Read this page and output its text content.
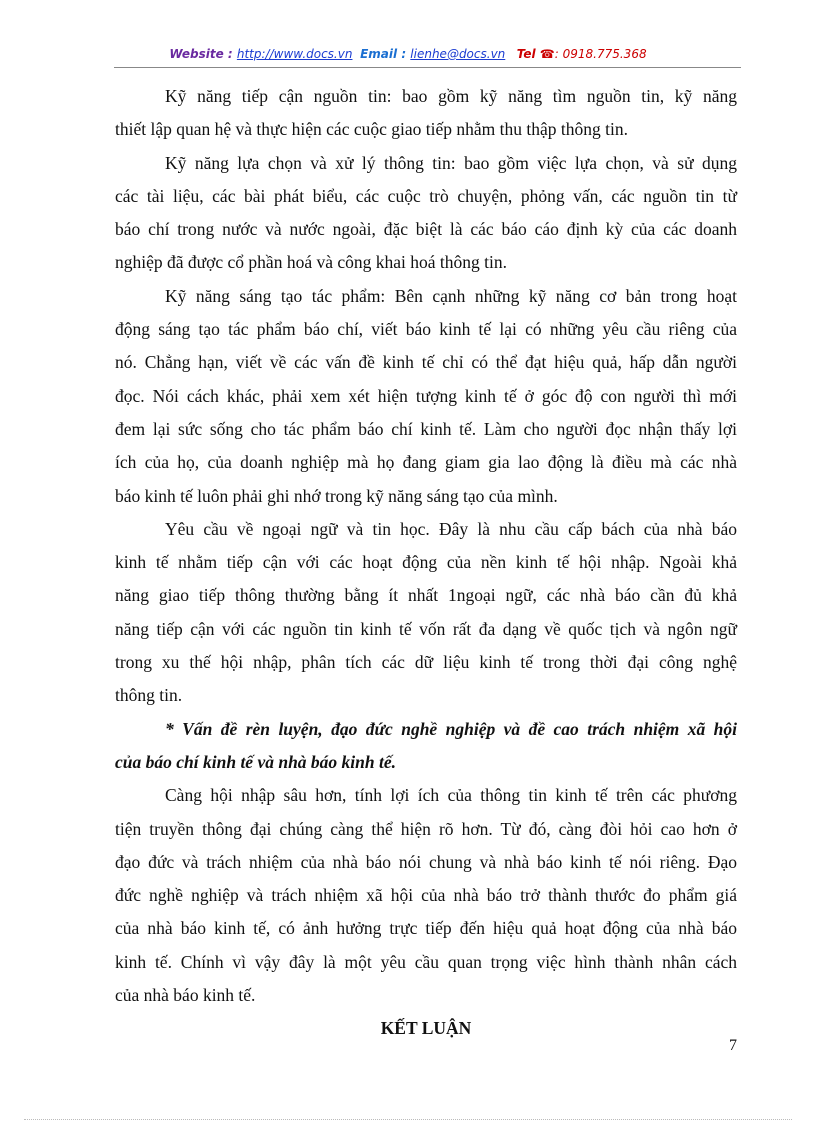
Website : http://www.docs.vn Email : lienhe@docs.vn Tel ☎: 0918.775.368
Kỹ năng tiếp cận nguồn tin: bao gồm kỹ năng tìm nguồn tin, kỹ năng
thiết lập quan hệ và thực hiện các cuộc giao tiếp nhằm thu thập thông tin.
Kỹ năng lựa chọn và xử lý thông tin: bao gồm việc lựa chọn, và sử dụng
các tài liệu, các bài phát biểu, các cuộc trò chuyện, phỏng vấn, các nguồn tin từ
báo chí trong nước và nước ngoài, đặc biệt là các báo cáo định kỳ của các doanh
nghiệp đã được cổ phần hoá và công khai hoá thông tin.
Kỹ năng sáng tạo tác phẩm: Bên cạnh những kỹ năng cơ bản trong hoạt
động sáng tạo tác phẩm báo chí, viết báo kinh tế lại có những yêu cầu riêng của
nó. Chẳng hạn, viết về các vấn đề kinh tế chỉ có thể đạt hiệu quả, hấp dẫn người
đọc. Nói cách khác, phải xem xét hiện tượng kinh tế ở góc độ con người thì mới
đem lại sức sống cho tác phẩm báo chí kinh tế. Làm cho người đọc nhận thấy lợi
ích của họ, của doanh nghiệp mà họ đang giam gia lao động là điều mà các nhà
báo kinh tế luôn phải ghi nhớ trong kỹ năng sáng tạo của mình.
Yêu cầu về ngoại ngữ và tin học. Đây là nhu cầu cấp bách của nhà báo
kinh tế nhằm tiếp cận với các hoạt động của nền kinh tế hội nhập. Ngoài khả
năng giao tiếp thông thường bằng ít nhất 1ngoại ngữ, các nhà báo cần đủ khả
năng tiếp cận với các nguồn tin kinh tế vốn rất đa dạng về quốc tịch và ngôn ngữ
trong xu thế hội nhập, phân tích các dữ liệu kinh tế trong thời đại công nghệ
thông tin.
* Vấn đề rèn luyện, đạo đức nghề nghiệp và đề cao trách nhiệm xã hội
của báo chí kinh tế và nhà báo kinh tế.
Càng hội nhập sâu hơn, tính lợi ích của thông tin kinh tế trên các phương
tiện truyền thông đại chúng càng thể hiện rõ hơn. Từ đó, càng đòi hỏi cao hơn ở
đạo đức và trách nhiệm của nhà báo nói chung và nhà báo kinh tế nói riêng. Đạo
đức nghề nghiệp và trách nhiệm xã hội của nhà báo trở thành thước đo phẩm giá
của nhà báo kinh tế, có ảnh hưởng trực tiếp đến hiệu quả hoạt động của nhà báo
kinh tế. Chính vì vậy đây là một yêu cầu quan trọng việc hình thành nhân cách
của nhà báo kinh tế.
KẾT LUẬN
7
